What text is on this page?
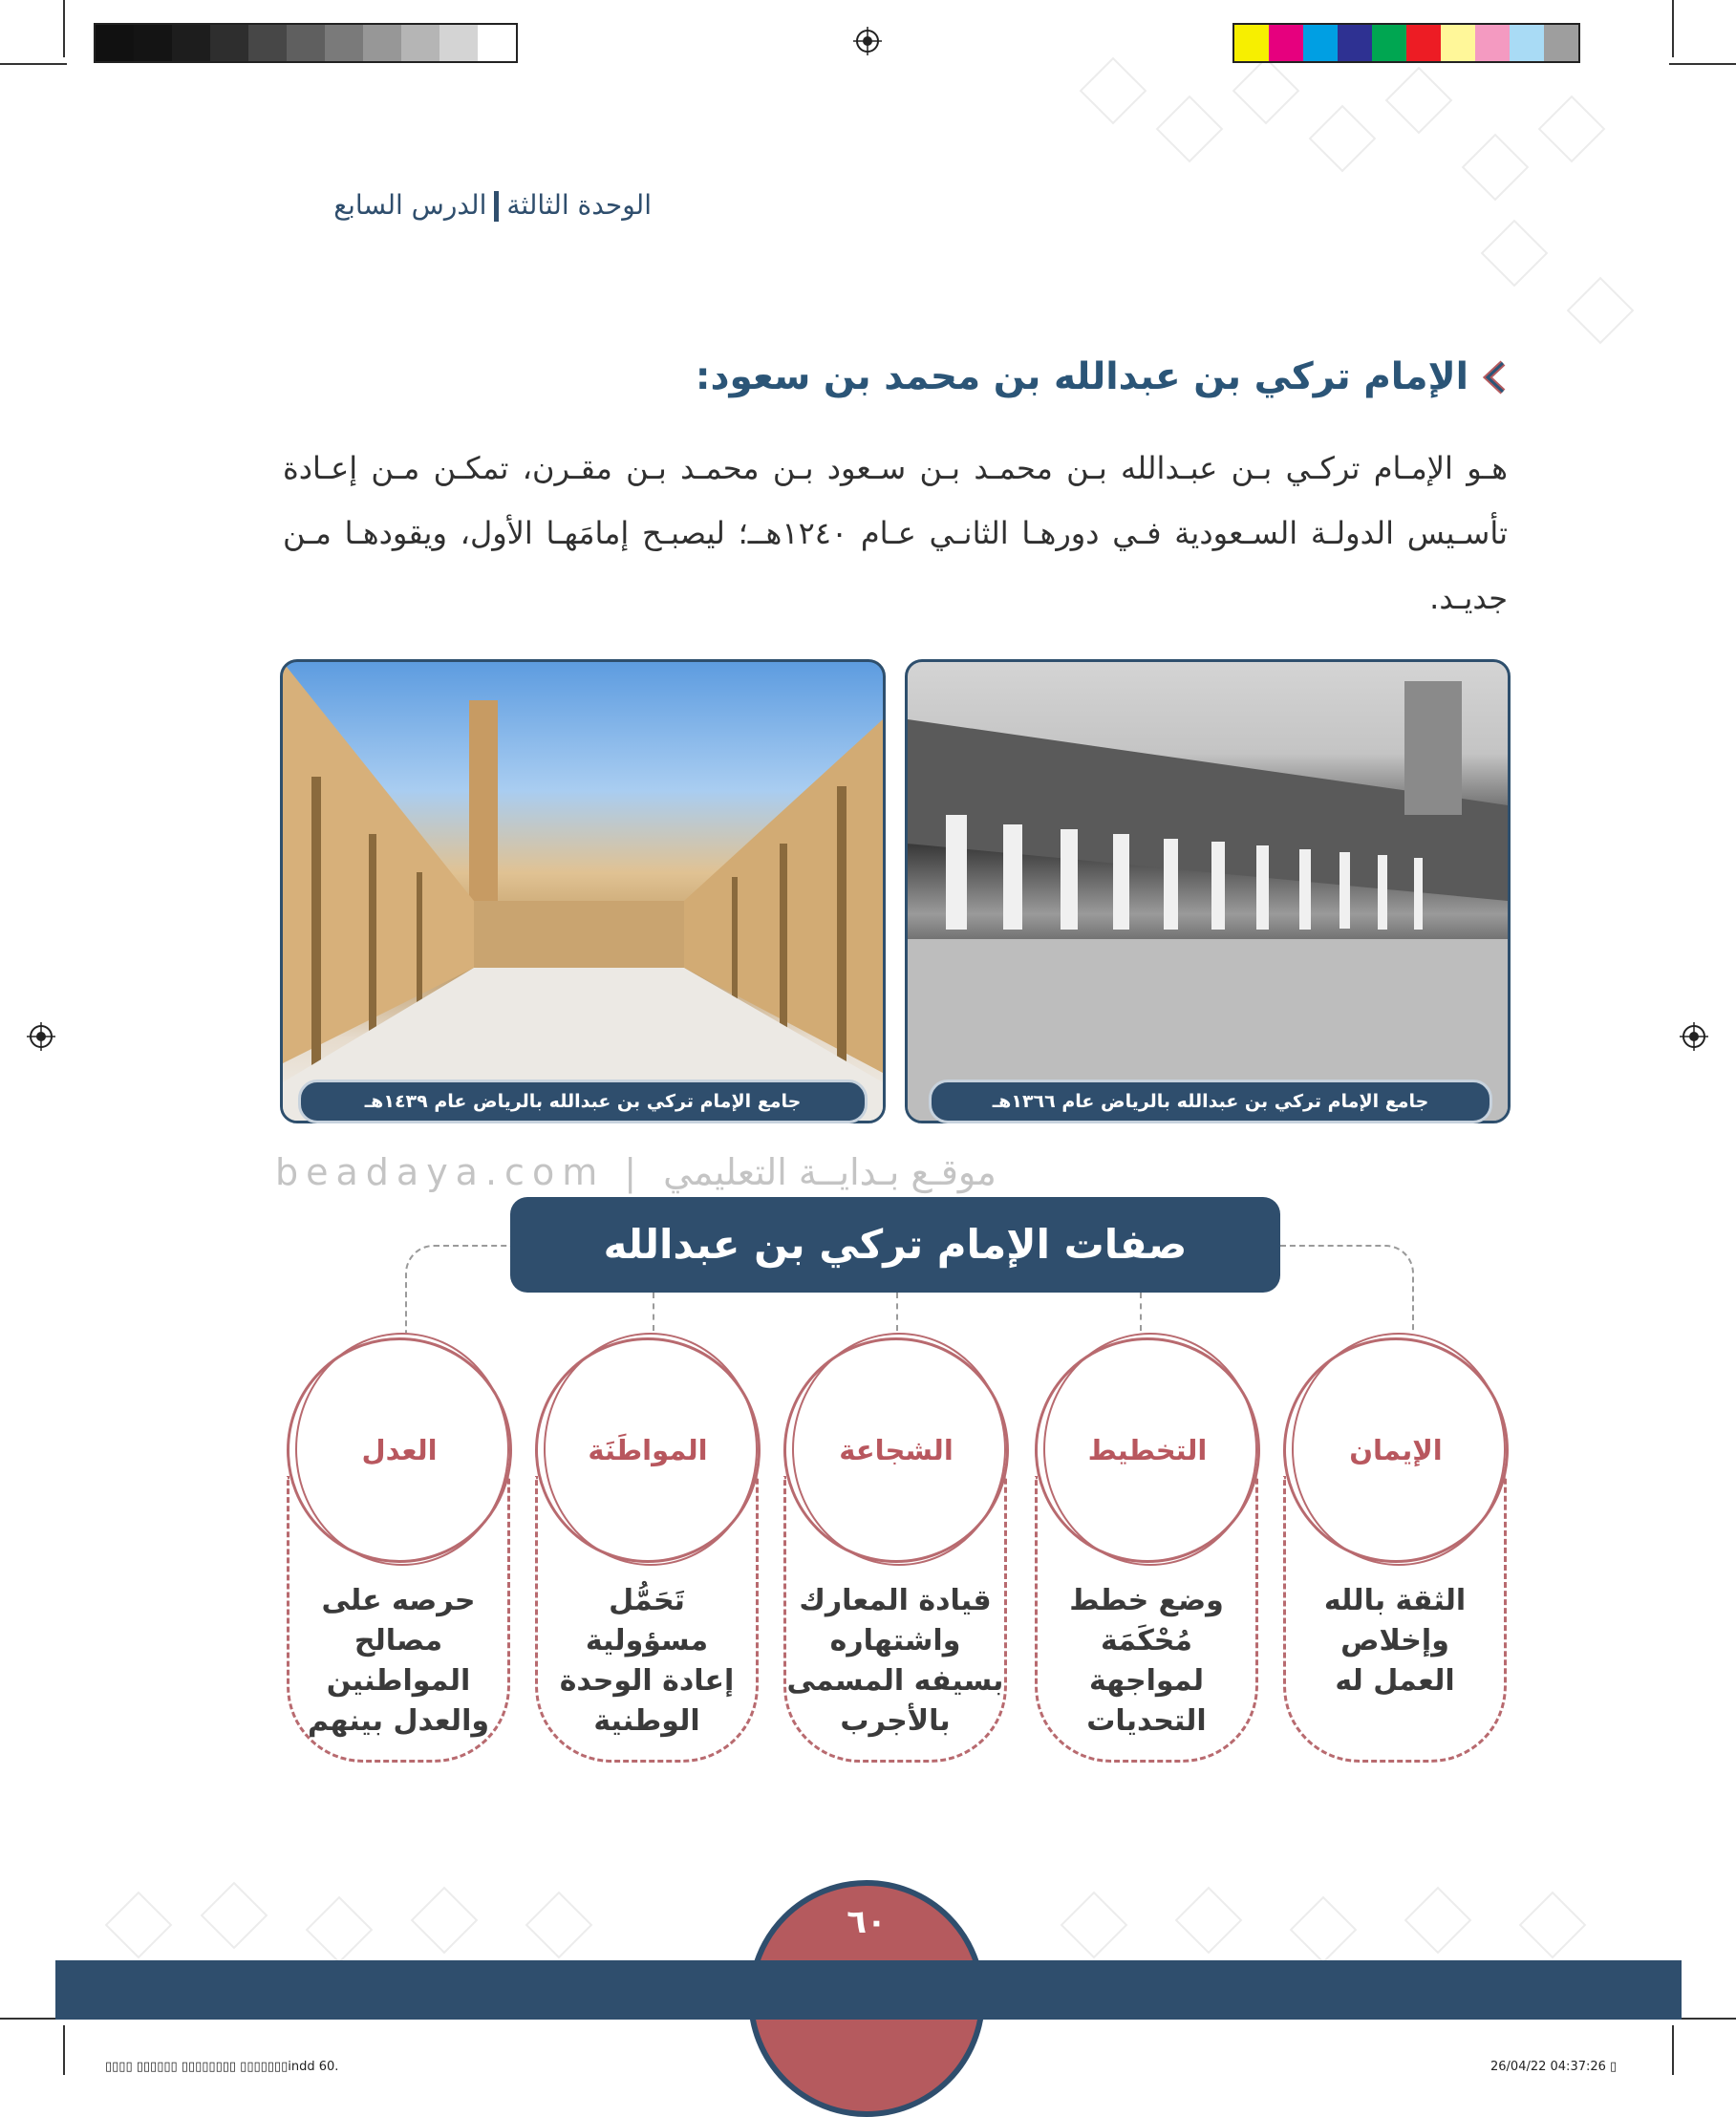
الوحدة الثالثةالدرس السابع
الإمام تركي بن عبدالله بن محمد بن سعود:

هـو الإمـام تركـي بـن عبـدالله بـن محمـد بـن سـعود بـن محمـد بـن مقـرن، تمكـن مـن إعـادة تأسـيس الدولـة السـعودية فـي دورهـا الثانـي عـام ١٢٤٠هــ؛ ليصبـح إمامَهـا الأول، ويقودهـا مـن جديـد.

جامع الإمام تركي بن عبدالله بالرياض عام ١٣٦٦هـ
جامع الإمام تركي بن عبدالله بالرياض عام ١٤٣٩هـ
beadaya.com | موقـع بـدايــة التعليمي
صفات الإمام تركي بن عبدالله
الإيمان
الثقة بالله
وإخلاص
العمل له
التخطيط
وضع خطط
مُحْكَمَة
لمواجهة
التحديات
الشجاعة
قيادة المعارك
واشتهاره
بسيفه المسمى
بالأجرب
المواطَنَة
تَحَمُّل
مسؤولية
إعادة الوحدة
الوطنية
العدل
حرصه على
مصالح
المواطنين
والعدل بينهم
٦٠
▯▯▯▯ ▯▯▯▯▯▯ ▯▯▯▯▯▯▯▯ ▯▯▯▯▯▯▯indd 60.	26/04/22 04:37:26 ▯
